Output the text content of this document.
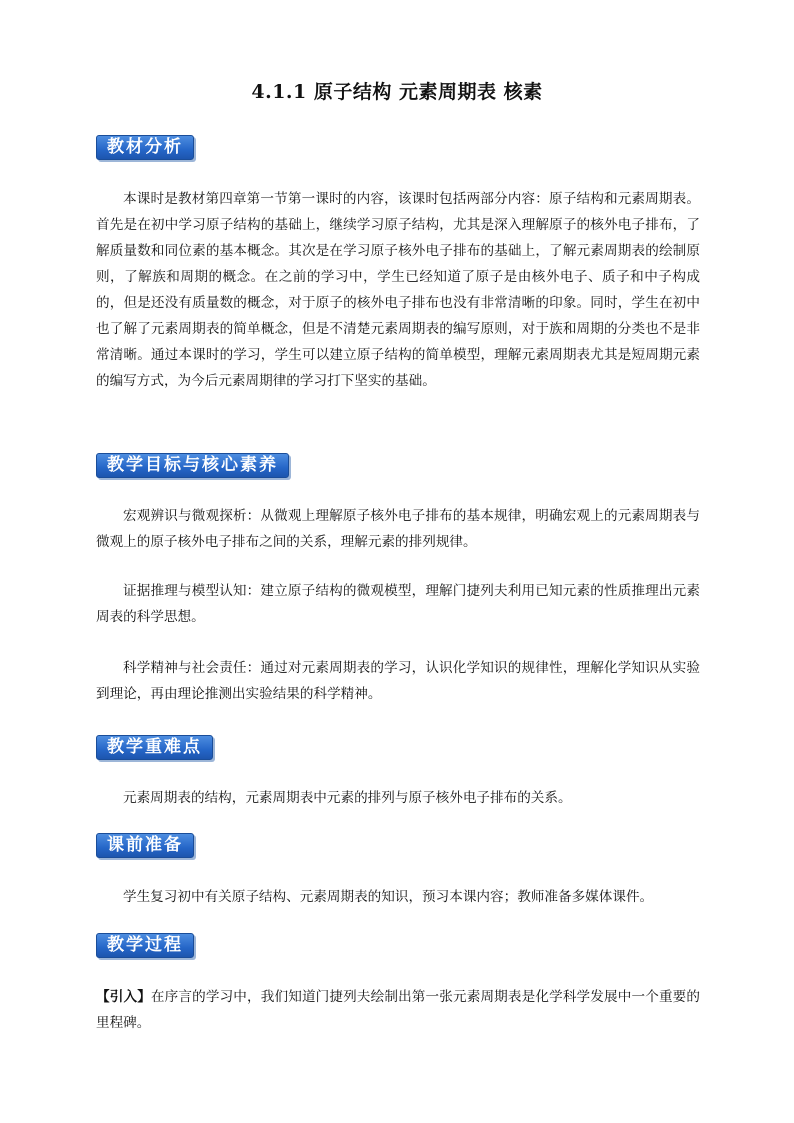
4.1.1 原子结构 元素周期表 核素
教材分析

本课时是教材第四章第一节第一课时的内容，该课时包括两部分内容：原子结构和元素周期表。首先是在初中学习原子结构的基础上，继续学习原子结构，尤其是深入理解原子的核外电子排布，了解质量数和同位素的基本概念。其次是在学习原子核外电子排布的基础上，了解元素周期表的绘制原则，了解族和周期的概念。在之前的学习中，学生已经知道了原子是由核外电子、质子和中子构成的，但是还没有质量数的概念，对于原子的核外电子排布也没有非常清晰的印象。同时，学生在初中也了解了元素周期表的简单概念，但是不清楚元素周期表的编写原则，对于族和周期的分类也不是非常清晰。通过本课时的学习，学生可以建立原子结构的简单模型，理解元素周期表尤其是短周期元素的编写方式，为今后元素周期律的学习打下坚实的基础。

教学目标与核心素养

宏观辨识与微观探析：从微观上理解原子核外电子排布的基本规律，明确宏观上的元素周期表与微观上的原子核外电子排布之间的关系，理解元素的排列规律。

证据推理与模型认知：建立原子结构的微观模型，理解门捷列夫利用已知元素的性质推理出元素周表的科学思想。

科学精神与社会责任：通过对元素周期表的学习，认识化学知识的规律性，理解化学知识从实验到理论，再由理论推测出实验结果的科学精神。

教学重难点

元素周期表的结构，元素周期表中元素的排列与原子核外电子排布的关系。

课前准备

学生复习初中有关原子结构、元素周期表的知识，预习本课内容；教师准备多媒体课件。

教学过程

【引入】在序言的学习中，我们知道门捷列夫绘制出第一张元素周期表是化学科学发展中一个重要的里程碑。
